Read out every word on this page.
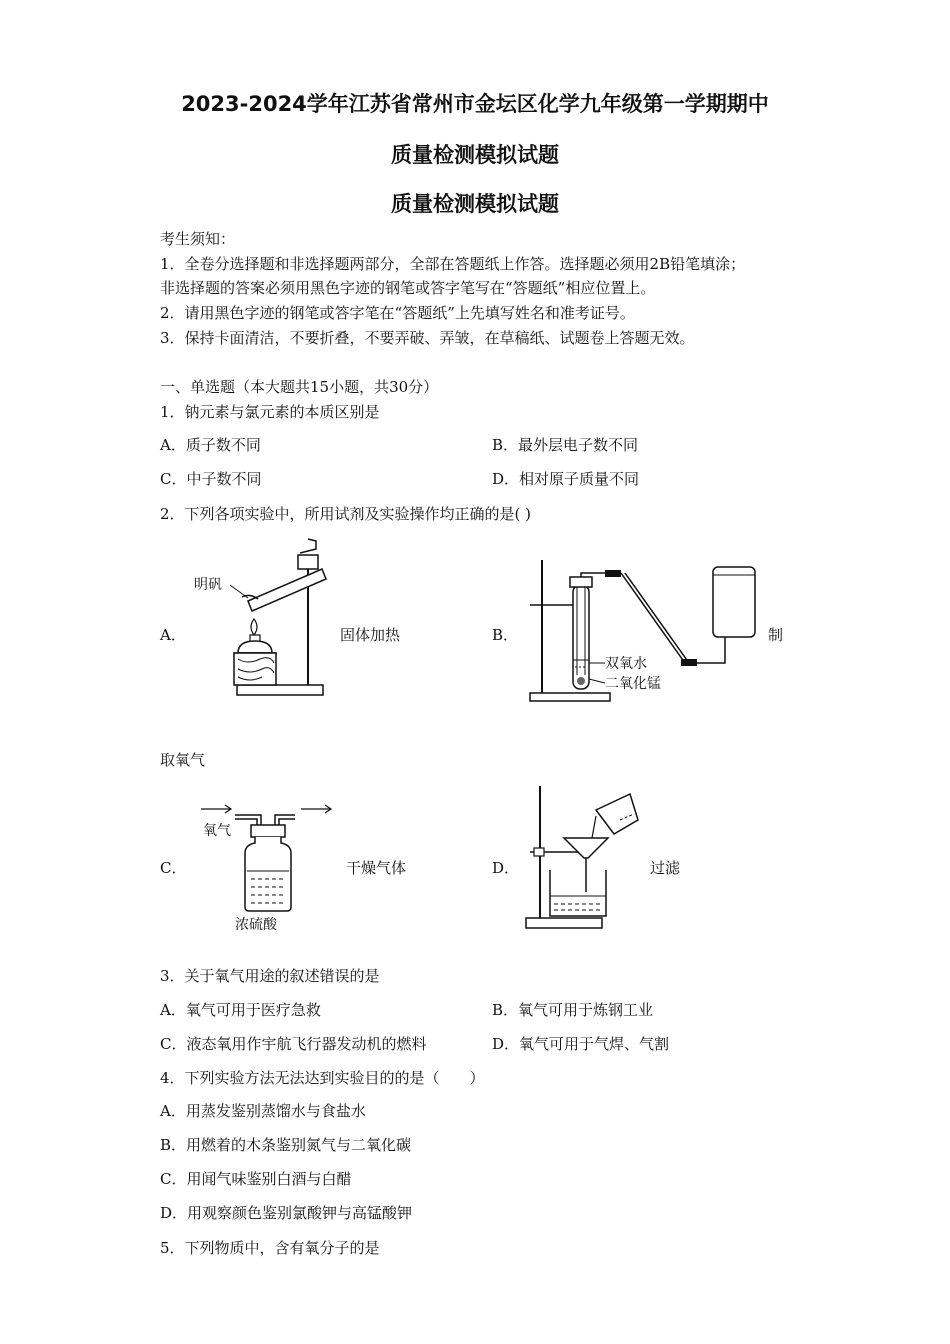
2023-2024学年江苏省常州市金坛区化学九年级第一学期期中
质量检测模拟试题
质量检测模拟试题
考生须知：
1．全卷分选择题和非选择题两部分，全部在答题纸上作答。选择题必须用2B铅笔填涂；
非选择题的答案必须用黑色字迹的钢笔或答字笔写在“答题纸”相应位置上。
2．请用黑色字迹的钢笔或答字笔在“答题纸”上先填写姓名和准考证号。
3．保持卡面清洁，不要折叠，不要弄破、弄皱，在草稿纸、试题卷上答题无效。
一、单选题（本大题共15小题，共30分）
1．钠元素与氯元素的本质区别是
A．质子数不同	B．最外层电子数不同
C．中子数不同	D．相对原子质量不同
2．下列各项实验中，所用试剂及实验操作均正确的是( )
A．	固体加热
明矾
B．	制
双氧水
二氧化锰
取氧气
C．	干燥气体
氧气
浓硫酸
D．	过滤
3．关于氧气用途的叙述错误的是
A．氧气可用于医疗急救	B．氧气可用于炼钢工业
C．液态氧用作宇航飞行器发动机的燃料	D．氧气可用于气焊、气割
4．下列实验方法无法达到实验目的的是（　　）
A．用蒸发鉴别蒸馏水与食盐水
B．用燃着的木条鉴别氮气与二氧化碳
C．用闻气味鉴别白酒与白醋
D．用观察颜色鉴别氯酸钾与高锰酸钾
5．下列物质中，含有氧分子的是
